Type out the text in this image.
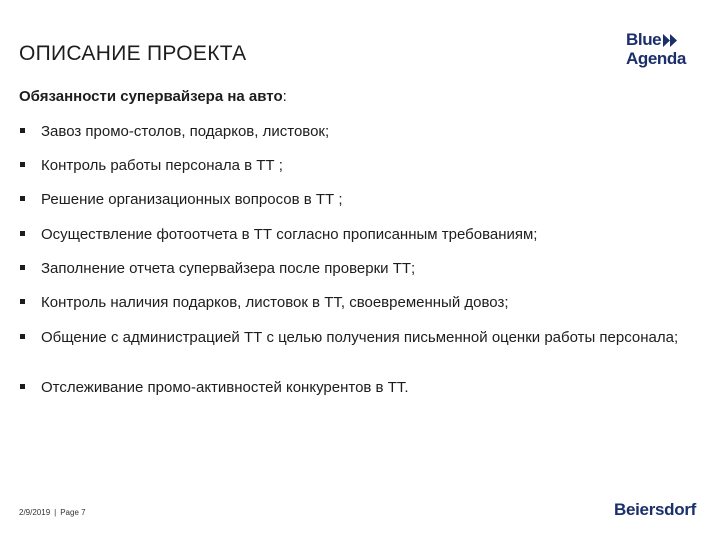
ОПИСАНИЕ ПРОЕКТА
Blue
Agenda
Обязанности супервайзера на авто:
Завоз промо-столов, подарков, листовок;
Контроль работы персонала в ТТ ;
Решение организационных вопросов в ТТ ;
Осуществление фотоотчета в ТТ согласно прописанным требованиям;
Заполнение отчета супервайзера после проверки ТТ;
Контроль наличия подарков, листовок в ТТ, своевременный довоз;
Общение с администрацией ТТ с целью получения письменной оценки работы персонала;
Отслеживание промо-активностей конкурентов в ТТ.
2/9/2019 | Page 7	Beiersdorf
